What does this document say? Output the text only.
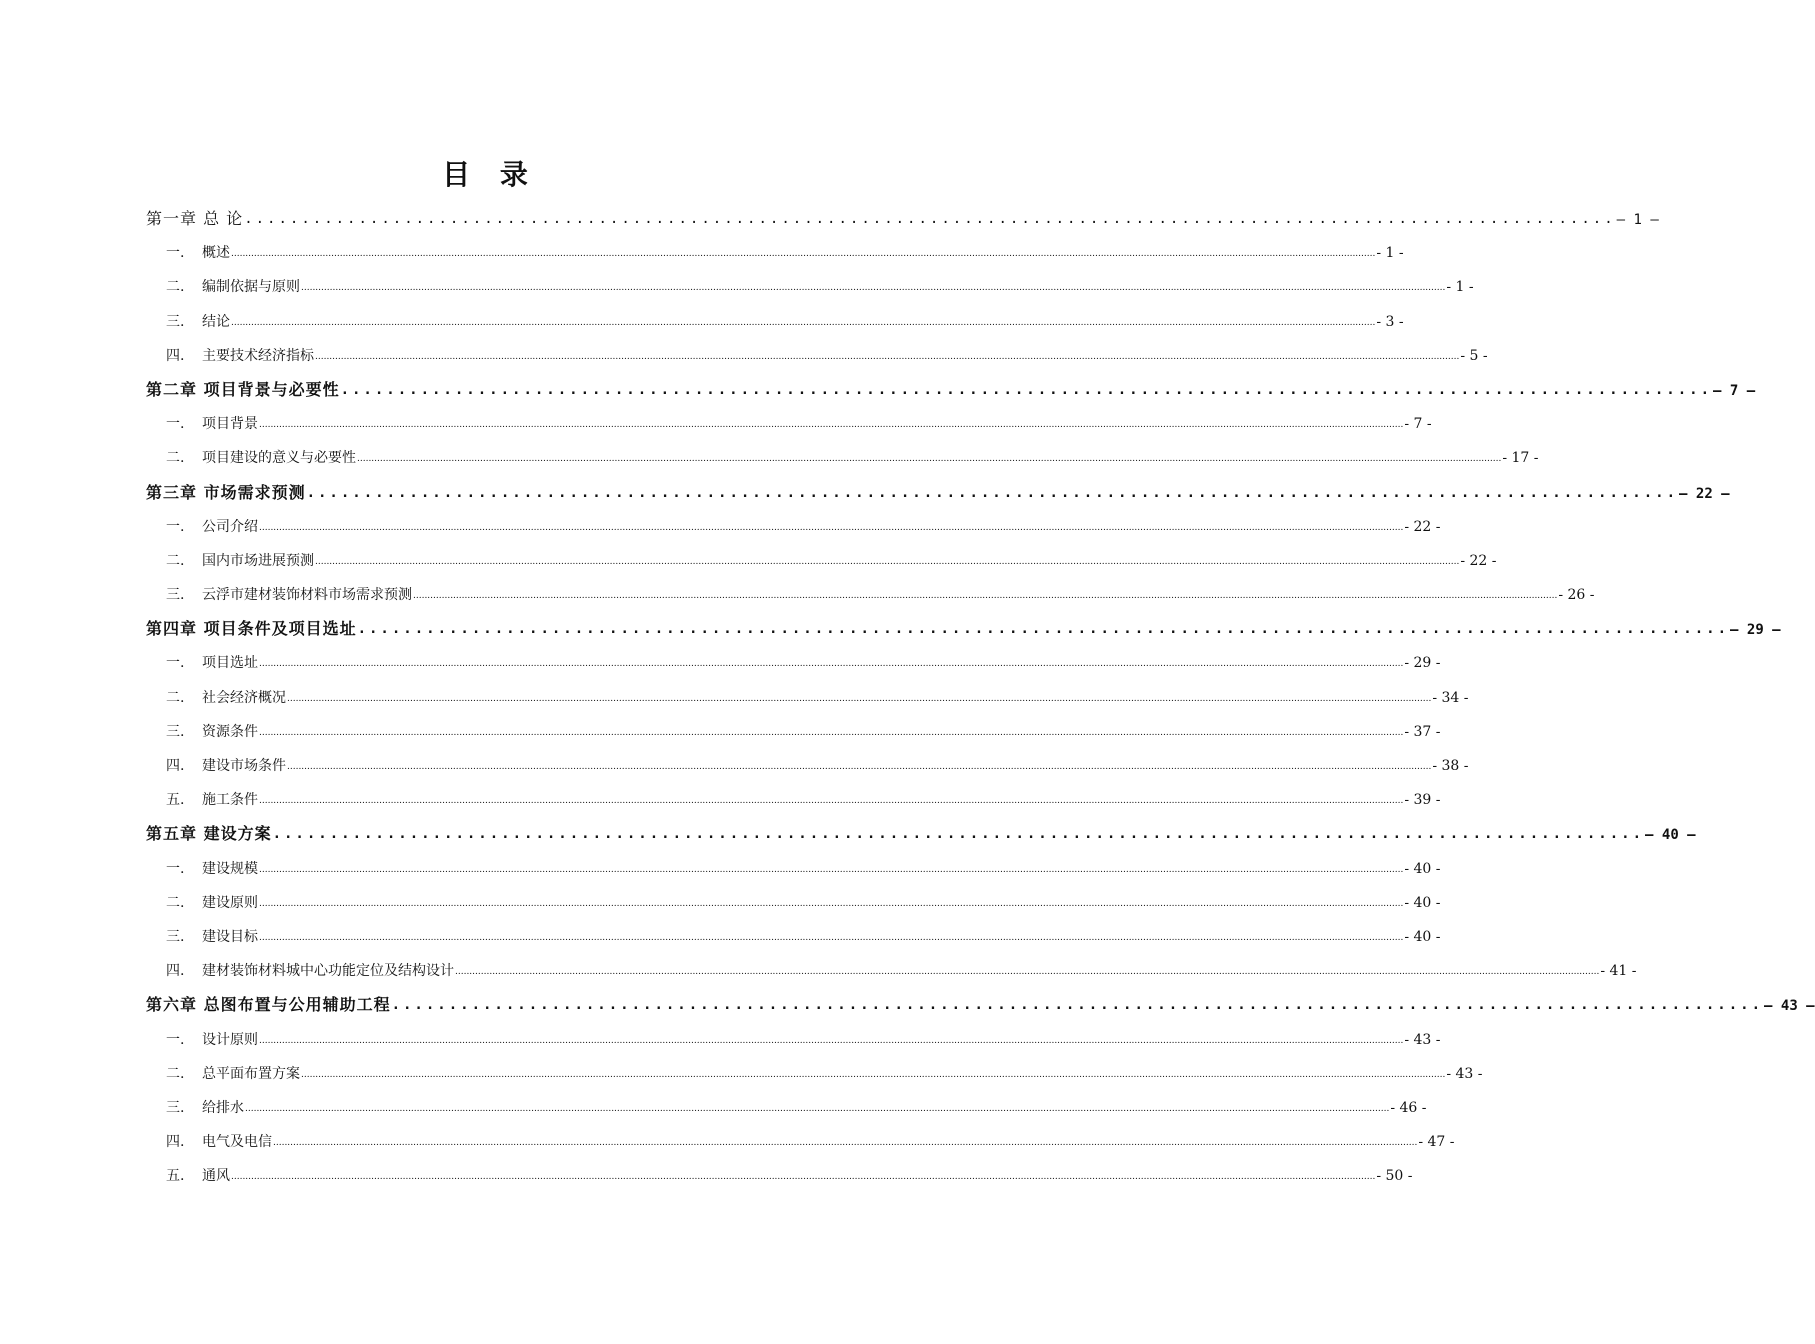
目 录
第一章 总 论 ........................................................................................................................ – 1 –
一.	概述 ................................................................................................................................................................................................................................................................................................................................................................................................................ - 1 -
二.	编制依据与原则 ................................................................................................................................................................................................................................................................................................................................................................................................................ - 1 -
三.	结论 ................................................................................................................................................................................................................................................................................................................................................................................................................ - 3 -
四.	主要技术经济指标 ................................................................................................................................................................................................................................................................................................................................................................................................................ - 5 -
第二章 项目背景与必要性 ........................................................................................................................ – 7 –
一.	项目背景 ................................................................................................................................................................................................................................................................................................................................................................................................................ - 7 -
二.	项目建设的意义与必要性 ................................................................................................................................................................................................................................................................................................................................................................................................................ - 17 -
第三章 市场需求预测 ........................................................................................................................ – 22 –
一.	公司介绍 ................................................................................................................................................................................................................................................................................................................................................................................................................ - 22 -
二.	国内市场进展预测 ................................................................................................................................................................................................................................................................................................................................................................................................................ - 22 -
三.	云浮市建材装饰材料市场需求预测 ................................................................................................................................................................................................................................................................................................................................................................................................................ - 26 -
第四章 项目条件及项目选址 ........................................................................................................................ – 29 –
一.	项目选址 ................................................................................................................................................................................................................................................................................................................................................................................................................ - 29 -
二.	社会经济概况 ................................................................................................................................................................................................................................................................................................................................................................................................................ - 34 -
三.	资源条件 ................................................................................................................................................................................................................................................................................................................................................................................................................ - 37 -
四.	建设市场条件 ................................................................................................................................................................................................................................................................................................................................................................................................................ - 38 -
五.	施工条件 ................................................................................................................................................................................................................................................................................................................................................................................................................ - 39 -
第五章 建设方案 ........................................................................................................................ – 40 –
一.	建设规模 ................................................................................................................................................................................................................................................................................................................................................................................................................ - 40 -
二.	建设原则 ................................................................................................................................................................................................................................................................................................................................................................................................................ - 40 -
三.	建设目标 ................................................................................................................................................................................................................................................................................................................................................................................................................ - 40 -
四.	建材装饰材料城中心功能定位及结构设计 ................................................................................................................................................................................................................................................................................................................................................................................................................ - 41 -
第六章 总图布置与公用辅助工程 ........................................................................................................................ – 43 –
一.	设计原则 ................................................................................................................................................................................................................................................................................................................................................................................................................ - 43 -
二.	总平面布置方案 ................................................................................................................................................................................................................................................................................................................................................................................................................ - 43 -
三.	给排水 ................................................................................................................................................................................................................................................................................................................................................................................................................ - 46 -
四.	电气及电信 ................................................................................................................................................................................................................................................................................................................................................................................................................ - 47 -
五.	通风 ................................................................................................................................................................................................................................................................................................................................................................................................................ - 50 -
